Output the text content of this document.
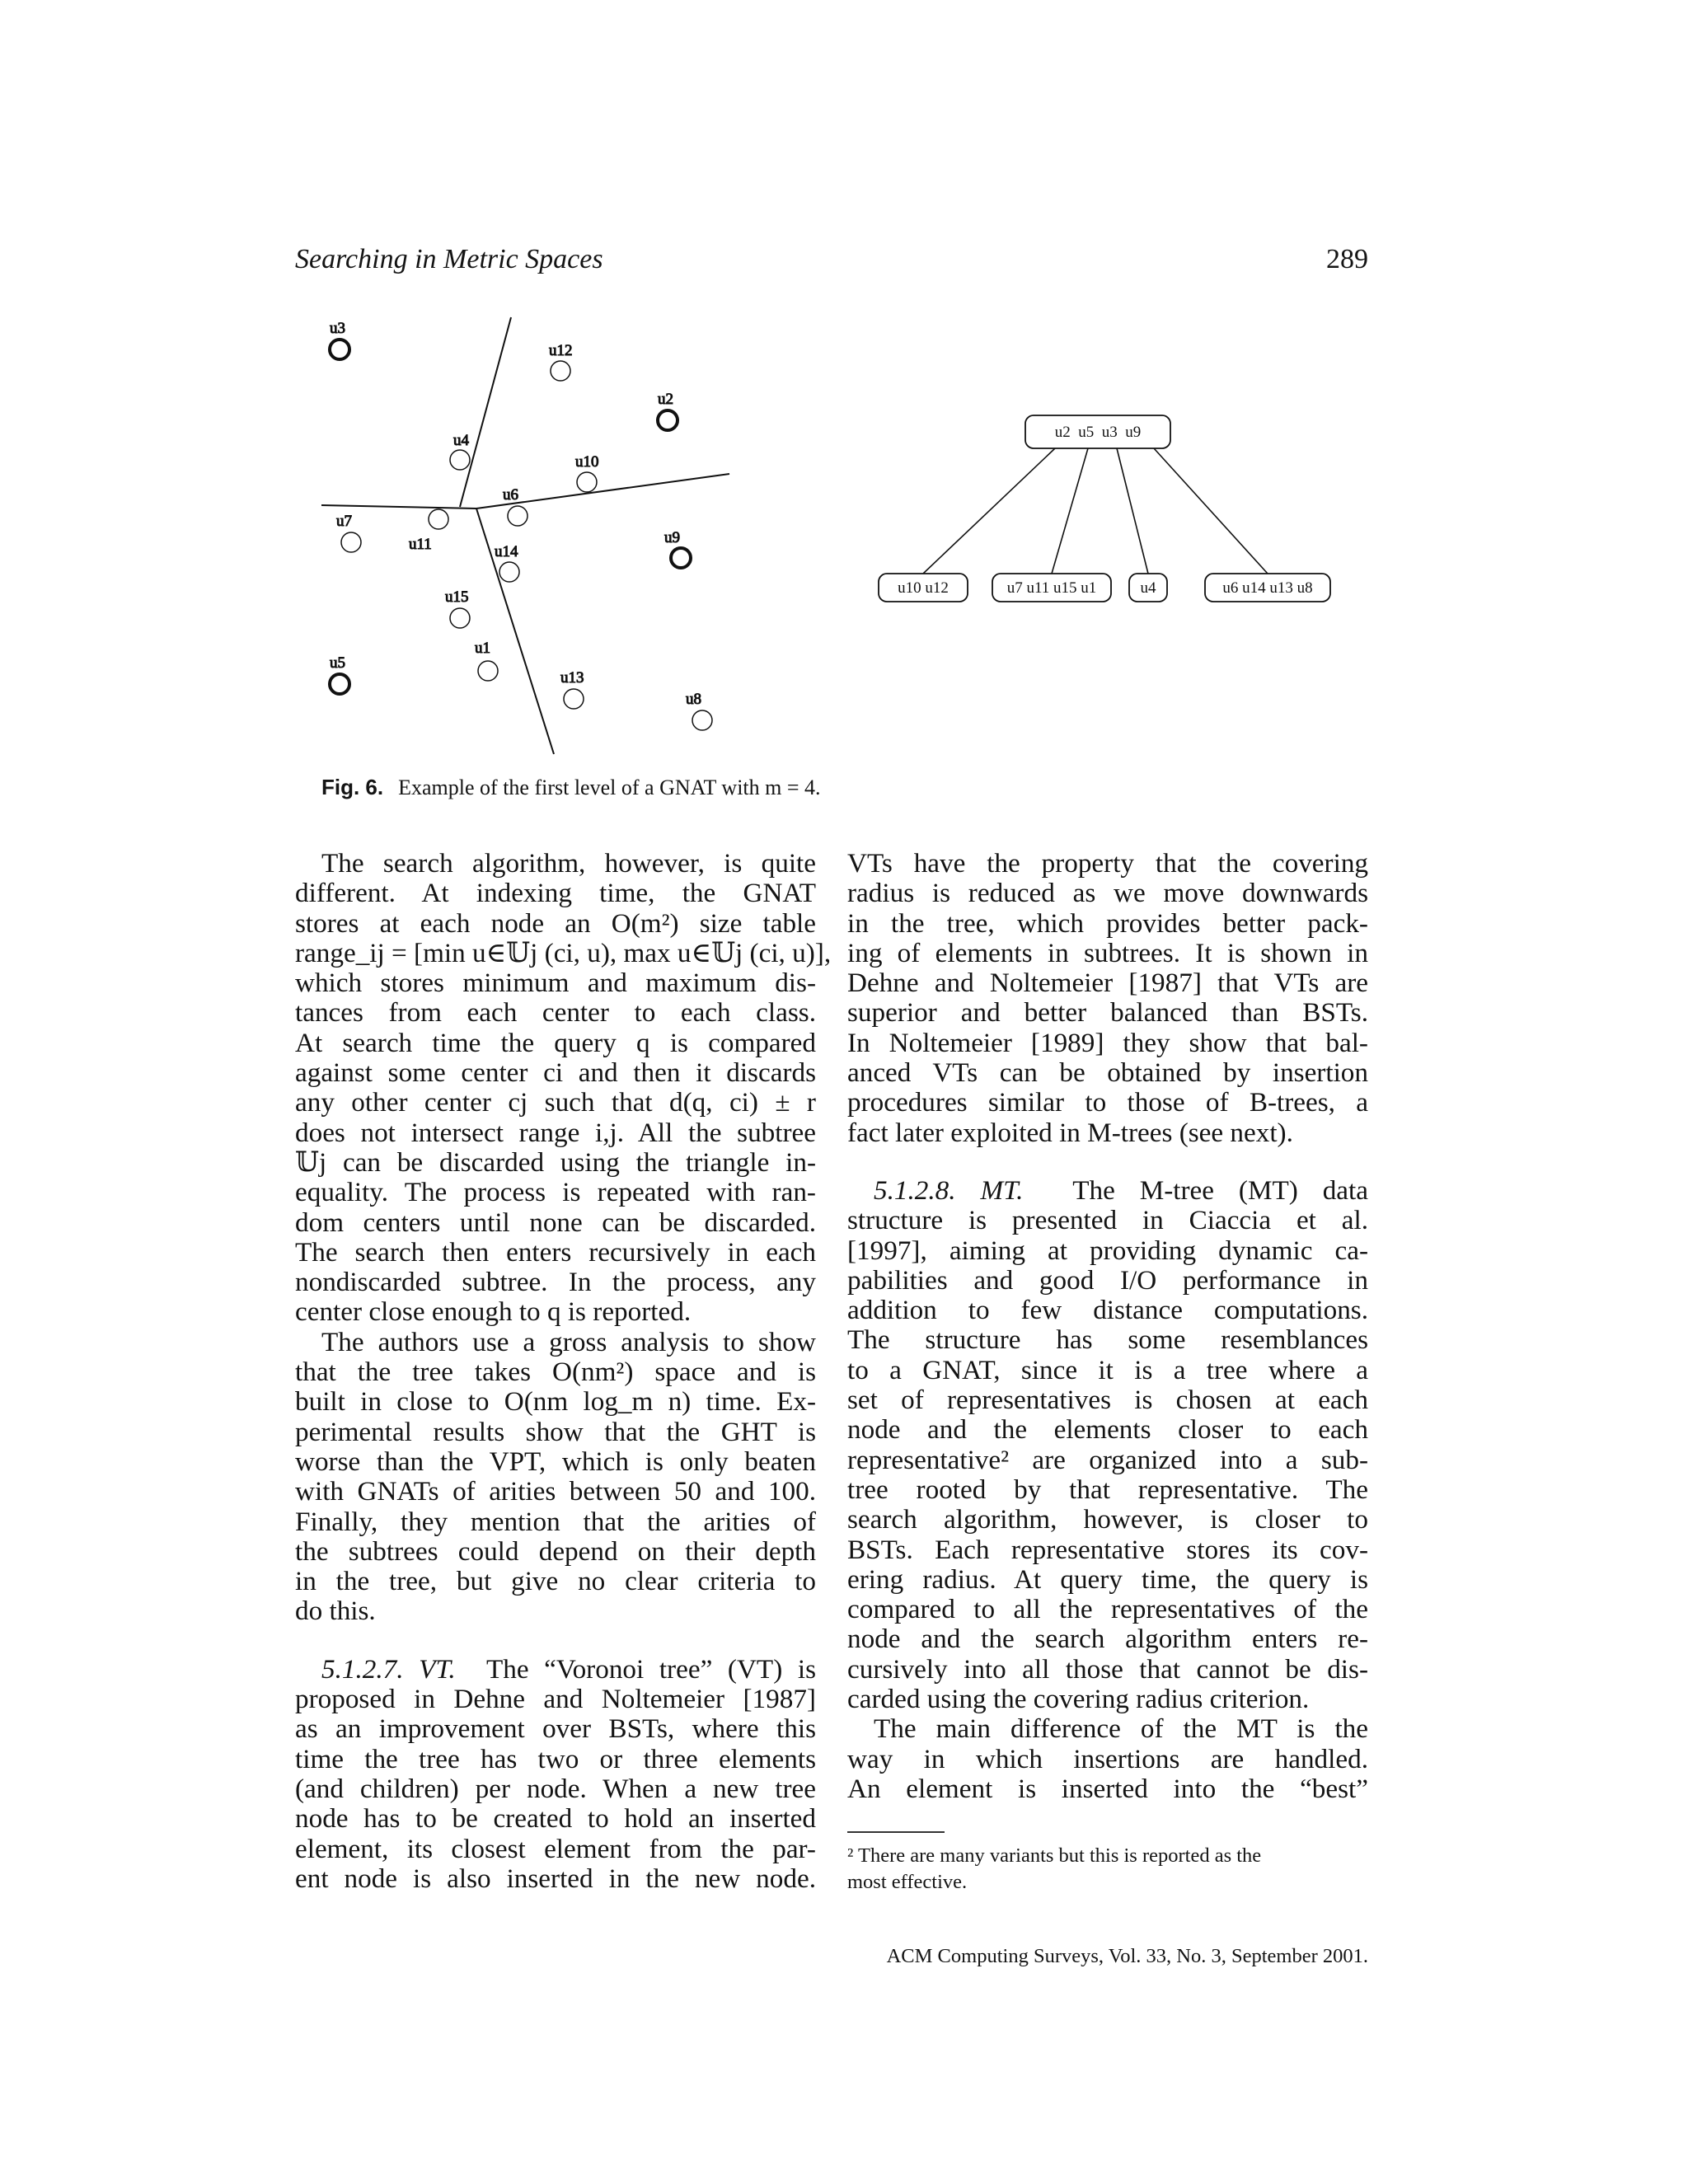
Searching in Metric Spaces	289
u3
u12
u2
u4
u10
u6
u7
u11	u14
u9
u15
u5
u1
u13
u8
u2  u5  u3  u9
u10 u12	u7 u11 u15 u1	u4	u6 u14 u13 u8
Fig. 6. Example of the first level of a GNAT with m = 4.
The search algorithm, however, is quite
different. At indexing time, the GNAT
stores at each node an O(m²) size table
range_ij = [min u∈𝕌j (ci, u), max u∈𝕌j (ci, u)],
which stores minimum and maximum dis-
tances from each center to each class.
At search time the query q is compared
against some center ci and then it discards
any other center cj such that d(q, ci) ± r
does not intersect range i,j. All the subtree
𝕌j can be discarded using the triangle in-
equality. The process is repeated with ran-
dom centers until none can be discarded.
The search then enters recursively in each
nondiscarded subtree. In the process, any
center close enough to q is reported.
The authors use a gross analysis to show
that the tree takes O(nm²) space and is
built in close to O(nm log_m n) time. Ex-
perimental results show that the GHT is
worse than the VPT, which is only beaten
with GNATs of arities between 50 and 100.
Finally, they mention that the arities of
the subtrees could depend on their depth
in the tree, but give no clear criteria to
do this.
5.1.2.7. VT. The “Voronoi tree” (VT) is
proposed in Dehne and Noltemeier [1987]
as an improvement over BSTs, where this
time the tree has two or three elements
(and children) per node. When a new tree
node has to be created to hold an inserted
element, its closest element from the par-
ent node is also inserted in the new node.
VTs have the property that the covering
radius is reduced as we move downwards
in the tree, which provides better pack-
ing of elements in subtrees. It is shown in
Dehne and Noltemeier [1987] that VTs are
superior and better balanced than BSTs.
In Noltemeier [1989] they show that bal-
anced VTs can be obtained by insertion
procedures similar to those of B-trees, a
fact later exploited in M-trees (see next).
5.1.2.8. MT. The M-tree (MT) data
structure is presented in Ciaccia et al.
[1997], aiming at providing dynamic ca-
pabilities and good I/O performance in
addition to few distance computations.
The structure has some resemblances
to a GNAT, since it is a tree where a
set of representatives is chosen at each
node and the elements closer to each
representative² are organized into a sub-
tree rooted by that representative. The
search algorithm, however, is closer to
BSTs. Each representative stores its cov-
ering radius. At query time, the query is
compared to all the representatives of the
node and the search algorithm enters re-
cursively into all those that cannot be dis-
carded using the covering radius criterion.
The main difference of the MT is the
way in which insertions are handled.
An element is inserted into the “best”
² There are many variants but this is reported as the
most effective.
ACM Computing Surveys, Vol. 33, No. 3, September 2001.
